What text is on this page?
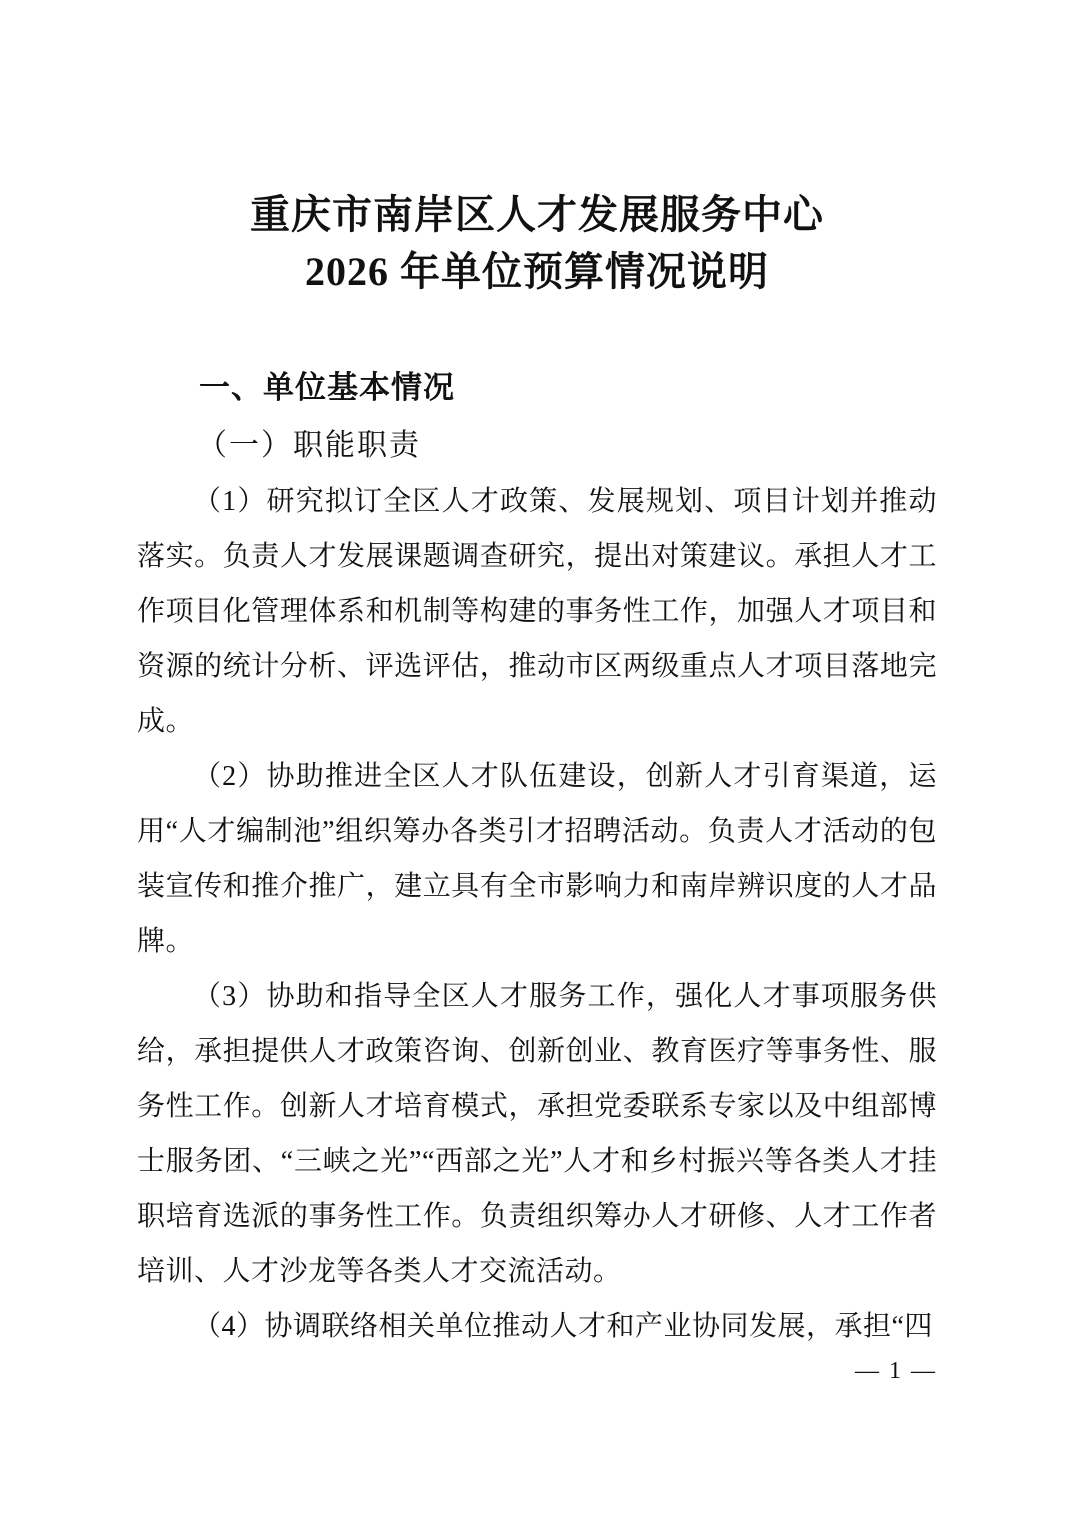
重庆市南岸区人才发展服务中心
2026 年单位预算情况说明
一、单位基本情况
（一）职能职责

（1）研究拟订全区人才政策、发展规划、项目计划并推动落实。负责人才发展课题调查研究，提出对策建议。承担人才工作项目化管理体系和机制等构建的事务性工作，加强人才项目和资源的统计分析、评选评估，推动市区两级重点人才项目落地完成。

（2）协助推进全区人才队伍建设，创新人才引育渠道，运用“人才编制池”组织筹办各类引才招聘活动。负责人才活动的包装宣传和推介推广，建立具有全市影响力和南岸辨识度的人才品牌。

（3）协助和指导全区人才服务工作，强化人才事项服务供给，承担提供人才政策咨询、创新创业、教育医疗等事务性、服务性工作。创新人才培育模式，承担党委联系专家以及中组部博士服务团、“三峡之光”“西部之光”人才和乡村振兴等各类人才挂职培育选派的事务性工作。负责组织筹办人才研修、人才工作者培训、人才沙龙等各类人才交流活动。

（4）协调联络相关单位推动人才和产业协同发展，承担“四

— 1 —
